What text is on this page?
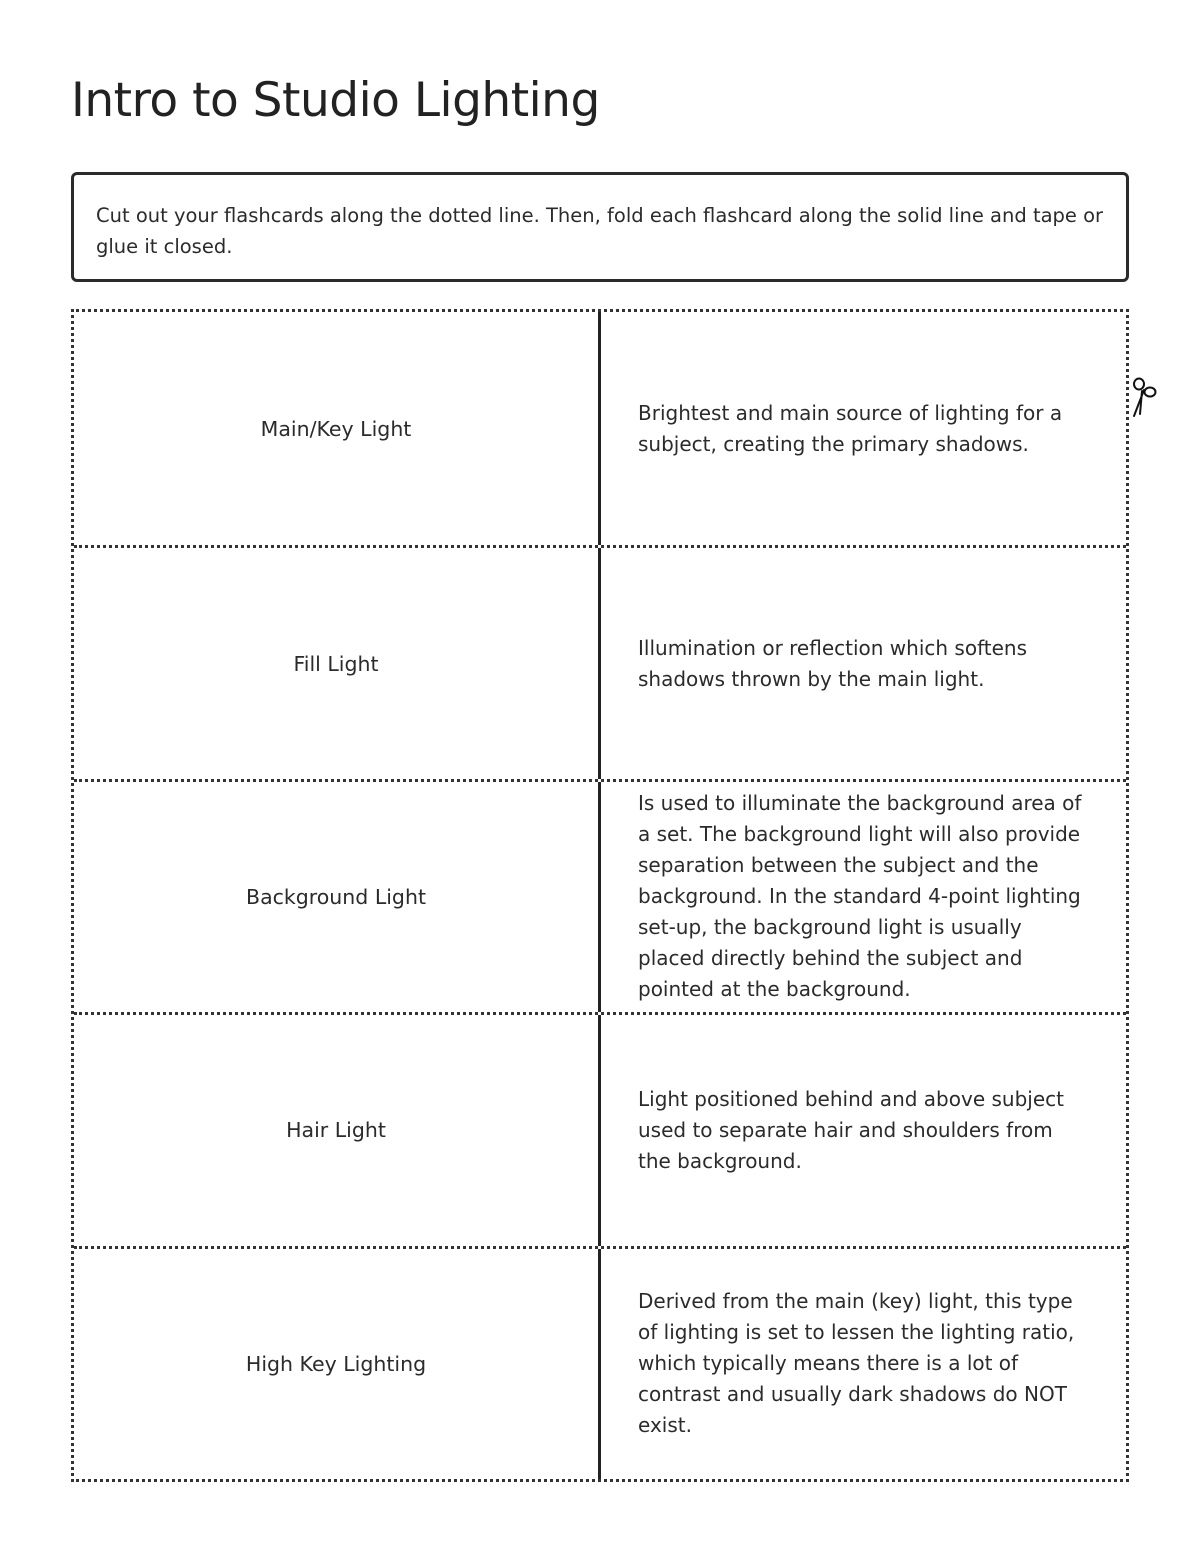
Intro to Studio Lighting
Cut out your flashcards along the dotted line. Then, fold each flashcard along the solid line and tape or glue it closed.
Main/Key Light
Brightest and main source of lighting for a subject, creating the primary shadows.
Fill Light
Illumination or reflection which softens shadows thrown by the main light.
Background Light
Is used to illuminate the background area of a set. The background light will also provide separation between the subject and the background. In the standard 4-point lighting set-up, the background light is usually placed directly behind the subject and pointed at the background.
Hair Light
Light positioned behind and above subject used to separate hair and shoulders from the background.
High Key Lighting
Derived from the main (key) light, this type of lighting is set to lessen the lighting ratio, which typically means there is a lot of contrast and usually dark shadows do NOT exist.
